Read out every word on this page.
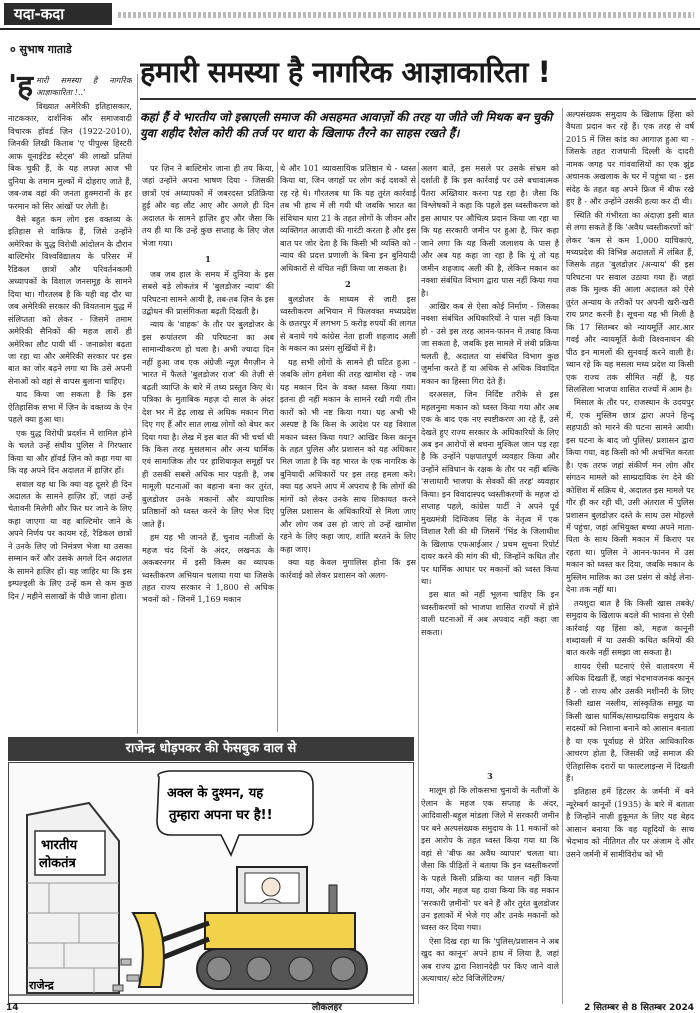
यदा-कदा
० सुभाष गाताडे
हमारी समस्या है नागरिक आज्ञाकारिता !

'ह मारी समस्या है नागरिक आज्ञाकारिता !..'

विख्यात अमेरिकी इतिहासकार, नाटककार, दार्शनिक और समाजवादी विचारक हॉवर्ड ज़िन (1922-2010), जिनकी लिखी किताब 'ए पीपुल्स हिस्टरी आफ यूनाईटेड स्टेट्स' की लाखों प्रतियां बिक चुकी हैं, के यह लफ़्ज़ आज भी दुनिया के तमाम मुल्कों में दोहराए जाते हैं, जब-जब वहां की जनता हुक्मरानों के हर फरमान को सिर आंखों पर लेती है।

वैसे बहुत कम लोग इस वक्तव्य के इतिहास से वाकिफ हैं, जिसे उन्होंने अमेरिका के युद्ध विरोधी आंदोलन के दौरान बाल्टिमोर विश्वविद्यालय के परिसर में रैडिकल छात्रों और परिवर्तनकामी अध्यापकों के विशाल जनसमूह के सामने दिया था। गौरतलब है कि यही वह दौर था जब अमेरिकी सरकार की वियतनाम युद्ध में संलिप्तता को लेकर - जिसमें तमाम अमेरिकी सैनिकों की महज लाशें ही अमेरिका लौट पायी थीं - जनाक्रोश बढ़ता जा रहा था और अमेरिकी सरकार पर इस बात का जोर बढ़ने लगा था कि उसे अपनी सेनाओं को वहां से वापस बुलाना चाहिए।

याद किया जा सकता है कि इस ऐतिहासिक सभा में ज़िन के वक्तव्य के ऐन पहले क्या हुआ था।

एक युद्ध विरोधी प्रदर्शन में शामिल होने के चलते उन्हें संघीय पुलिस ने गिरफ्तार किया था और हॉवर्ड ज़िन को कहा गया था कि वह अपने दिन अदालत में हाज़िर हों।

सवाल यह था कि क्या वह दूसरे ही दिन अदालत के सामने हाज़िर हों, जहां उन्हें चेतावनी मिलेगी और फिर घर जाने के लिए कहा जाएगा या वह बाल्टिमोर जाने के अपने निर्णय पर कायम रहें, रैडिकल छात्रों ने उनके लिए जो निमंत्रण भेजा था उसका सम्मान करें और उसके अगले दिन अदालत के सामने हाज़िर हों। यह जाहिर था कि इस इम्पल्ड्ली के लिए उन्हें कम से कम कुछ दिन / महीने सलाखों के पीछे जाना होता।

कहां हैं वे भारतीय जो इस्राएली समाज की असहमत आवाज़ों की तरह या जीते जी मिथक बन चुकी युवा शहीद रैशेल कोरी की तर्ज पर धारा के खिलाफ तैरने का साहस रखते हैं।

पर ज़िन ने बाल्टिमोर जाना ही तय किया, जहां उन्होंने अपना भाषण दिया - जिसकी छात्रों एवं अध्यापकों में जबरदस्त प्रतिक्रिया हुई और वह लौट आए और अगले ही दिन अदालत के सामने हाज़िर हुए और जैसा कि तय ही था कि उन्हें कुछ सप्ताह के लिए जेल भेजा गया।

1

जब जब हाल के समय में दुनिया के इस सबसे बड़े लोकतंत्र में 'बुलडोजर न्याय' की परिघटना सामने आयी है, तब-तब ज़िन के इस उद्बोधन की प्रासंगिकता बढ़ती दिखती है।

न्याय के 'वाहक' के तौर पर बुलडोजर के इस रूपांतरण की परिघटना का अब सामान्यीकरण हो चला है। अभी ज्यादा दिन नहीं हुआ जब एक अंग्रेजी न्यूज़ मैगज़ीन ने भारत में फैलते 'बुलडोजर राज' की तेज़ी से बढ़ती व्याप्ति के बारे में तथ्य प्रस्तुत किए थे। पत्रिका के मुताबिक महज़ दो साल के अंदर देश भर में डेढ़ लाख से अधिक मकान गिरा दिए गए हैं और सात लाख लोगों को बेघर कर दिया गया है। लेख में इस बात की भी चर्चा थी कि किस तरह मुसलमान और अन्य धार्मिक एवं सामाजिक तौर पर हाशियाकृत समूहों पर ही उसकी सबसे अधिक मार पड़ती है, जब मामूली घटनाओं का बहाना बना कर तुरंत, बुलडोजर उनके मकानों और व्यापारिक प्रतिष्ठानों को ध्वस्त करने के लिए भेज दिए जाते हैं।

हम यह भी जानते हैं, चुनाव नतीजों के महज चंद दिनों के अंदर, लखनऊ के अकबरनगर में इसी किस्म का व्यापक ध्वस्तीकरण अभियान चलाया गया था जिसके तहत राज्य सरकार ने 1,800 से अधिक भवनों को - जिनमें 1,169 मकान

थे और 101 व्यावसायिक प्रतिष्ठान थे - ध्वस्त किया था, जिन जगहों पर लोग कई दशकों से रह रहे थे। गौरतलब था कि यह तुरंत कार्रवाई तब भी हाथ में ली गयी थी जबकि भारत का संविधान धारा 21 के तहत लोगों के जीवन और व्यक्तिगत आज़ादी की गारंटी करता है और इस बात पर जोर देता है कि किसी भी व्यक्ति को - न्याय की प्रदत्त प्रणाली के बिना इन बुनियादी अधिकारों से वंचित नहीं किया जा सकता है।

2

बुलडोजर के माध्यम से जारी इस ध्वस्तीकरण अभियान में फिलवक्त मध्यप्रदेश के छतरपुर में लगभग 5 करोड़ रुपयों की लागत से बनाये गये कांग्रेस नेता हाजी शहजाद अली के मकान का प्रसंग सुर्खियों में है।

यह सभी लोगों के सामने ही घटित हुआ - जबकि लोग हमेशा की तरह खामोश रहे - जब यह मकान दिन के वक्त ध्वस्त किया गया। इतना ही नहीं मकान के सामने रखी गयी तीन कारों को भी नष्ट किया गया। यह अभी भी अस्पष्ट है कि किस के आदेश पर यह विशाल मकान ध्वस्त किया गया? आखिर किस कानून के तहत पुलिस और प्रशासन को यह अधिकार मिल जाता है कि वह भारत के एक नागरिक के बुनियादी अधिकारों पर इस तरह हमला करे। क्या यह अपने आप में अपराध है कि लोगों की मांगों को लेकर उनके साथ शिकायत करने पुलिस प्रशासन के अधिकारियों से मिला जाए और लोग जब उस हो जाएं तो उन्हें खामोश रहने के लिए कहा जाए, शांति बरतने के लिए कहा जाए।

क्या यह केवल मुगालिस होना कि इस कार्रवाई को लेकर प्रशासन को अलग-

अलग बातें, इस मसले पर उसके संभ्रम को दर्शाती हैं कि इस कार्रवाई पर उसे बचावात्मक पैंतरा अख्तियार करना पड़ रहा है। जैसा कि विश्लेषकों ने कहा कि पहले इस ध्वस्तीकरण को इस आधार पर औचित्य प्रदान किया जा रहा था कि यह सरकारी जमीन पर हुआ है, फिर कहा जाने लगा कि यह किसी जलाशय के पास है और अब यह कहा जा रहा है कि यूं तो यह जमीन शहजाद अली की है, लेकिन मकान का नक्शा संबंधित विभाग द्वारा पास नहीं किया गया है।

आखिर कब से ऐसा कोई निर्माण - जिसका नक्शा संबंधित अधिकारियों ने पास नहीं किया हो - उसे इस तरह आनन-फानन में तबाह किया जा सकता है, जबकि इस मामले में लंबी प्रक्रिया चलती है, अदालत या संबंधित विभाग कुछ जुर्माना करते हैं या अधिक से अधिक विवादित मकान का हिस्सा गिरा देते हैं।

दरअसल, जिन निर्दिष्ट तरीके से इस महलनुमा मकान को ध्वस्त किया गया और अब एक के बाद एक नए स्पष्टीकरण आ रहे हैं, उसे देखते हुए राज्य सरकार के अधिकारियों के लिए अब इन आरोपों से बचना मुश्किल जान पड़ रहा है कि उन्होंने पक्षपातपूर्ण व्यवहार किया और उन्होंने संविधान के रक्षक के तौर पर नहीं बल्कि 'सत्ताधारी भाजपा के सेवकों की तरह' व्यवहार किया। इन विवादास्पद ध्वस्तीकरणों के महज दो सप्ताह पहले, कांग्रेस पार्टी ने अपने पूर्व मुख्यमंत्री दिग्विजय सिंह के नेतृत्व में एक विशाल रैली की थी जिसमें 'भिंड के जिलाधीश के खिलाफ एफआईआर / प्रथम सूचना रिपोर्ट दायर करने की मांग की थी, जिन्होंने कथित तौर पर धार्मिक आधार पर मकानों को ध्वस्त किया था।

इस बात को नहीं भूलना चाहिए कि इन ध्वस्तीकरणों को भाजपा शासित राज्यों में होने वाली घटनाओं में अब अपवाद नहीं कहा जा सकता।

3

मालूम हो कि लोकसभा चुनावों के नतीजों के ऐलान के महज एक सप्ताह के अंदर, आदिवासी-बहुल मांडला जिले में सरकारी जमीन पर बने अल्पसंख्यक समुदाय के 11 मकानों को इस आरोप के तहत ध्वस्त किया गया था कि वहां से 'बीफ का अवैध व्यापार' चलता था। जैसा कि पीड़ितों ने बताया कि इन ध्वस्तीकरणों के पहले किसी प्रक्रिया का पालन नहीं किया गया, और महज यह दावा किया कि वह मकान 'सरकारी ज़मीनों' पर बने हैं और तुरंत बुलडोजर उन इलाकों में भेजे गए और उनके मकानों को ध्वस्त कर दिया गया।

ऐसा दिख रहा था कि 'पुलिस/प्रशासन ने अब खुद का कानून' अपने हाथ में लिया है, जहां अब राज्य द्वारा निशानदेही पर किए जाने वाले अत्याचार/ स्टेट विजिलेंटिज्म/

अल्पसंख्यक समुदाय के खिलाफ हिंसा को वैधता प्रदान कर रहे हैं। एक तरह से वर्ष 2015 में जिस कांड का आगाज़ हुआ था - जिसके तहत राजधानी दिल्ली के दादरी नामक जगह पर गांववासियों का एक झुंड अचानक अखलाक के घर में पहुंचा था - इस संदेह के तहत वह अपने फ्रिज में बीफ रखे हुए है - और उन्होंने उसकी हत्या कर दी थी।

स्थिति की गंभीरता का अंदाज़ा इसी बात से लगा सकते हैं कि 'अवैध ध्वस्तीकरणों को' लेकर 'कम से कम 1,000 याचिकाएं, मध्यप्रदेश की विभिन्न अदालतों में लंबित हैं, जिसके तहत 'बुलडोज़र /अन्याय' की इस परिघटना पर सवाल उठाया गया है। जहां तक कि मुल्क की आला अदालत को ऐसे तुरंत अन्याय के तरीकों पर अपनी खरी-खरी राय प्रगट करनी है। सूचना यह भी मिली है कि 17 सितम्बर को न्यायमूर्ति आर.आर गवई और न्यायमूर्ति केवी विश्वनाथन की पीठ इन मामलों की सुनवाई करने वाली है। ध्यान रहे कि यह मसला मध्य प्रदेश या किसी एक राज्य तक सीमित नहीं है, यह सिलसिला भाजपा शासित राज्यों में आम है।

मिसाल के तौर पर, राजस्थान के उदयपुर में, एक मुस्लिम छात्र द्वारा अपने हिन्दू सहपाठी को मारने की घटना सामने आयी। इस घटना के बाद जो पुलिस/ प्रशासन द्वारा किया गया, वह किसी को भी अचंभित करता है। एक तरफ जहां संकीर्ण मन लोग और संगठन मामले को साम्प्रदायिक रंग देने की कोशिश में सक्रिय थे, अदालत इस मामले पर गौर ही कर रही थी, उसी अंतराल में पुलिस प्रशासन बुलडोज़र दस्ते के साथ उस मोहल्ले में पहुंचा, जहां अभियुक्त बच्चा अपने माता-पिता के साथ किसी मकान में किराए पर रहता था। पुलिस ने आनन-फानन में उस मकान को ध्वस्त कर दिया, जबकि मकान के मुस्लिम मालिक का उस प्रसंग से कोई लेना-देना तक नहीं था।

तयशुदा बात है कि किसी खास तबके/ समुदाय के खिलाफ बदले की भावना से ऐसी कार्रवाई यह हिंसा को, महज कानूनी शब्दावली में या उसकी कथित कमियों की बात करके नहीं समझा जा सकता है।

शायद ऐसी घटनाएं ऐसे वातावरण में अधिक दिखती हैं, जहां भेदभावजनक कानून हैं - जो राज्य और उसकी मशीनरी के लिए किसी खास नस्लीय, सांस्कृतिक समूह या किसी खास धार्मिक/साम्प्रदायिक समुदाय के सदस्यों को निशाना बनाने को आसान बनाता है या एक पूर्वाग्रह से प्रेरित आधिकारिक आचरण होता है, जिसकी जड़ें समाज की ऐतिहासिक दरारों या फाल्टलाइन्स में दिखती हैं।

इतिहास हमें हिटलर के जर्मनी में बने न्यूरेम्बर्ग कानूनों (1935) के बारे में बताता है जिन्होंने नाज़ी हुकूमत के लिए यह बेहद आसान बनाया कि वह यहूदियों के साथ भेदभाव को नीतिगत तौर पर अंजाम दे और उसने जर्मनी में सामीविरोध को भी

राजेन्द्र धोड़पकर की फेसबुक वाल से
भारतीय
लोकतंत्र
अक्ल के दुश्मन, यह
तुम्हारा अपना घर है!!
राजेन्द्र
14	लोकलहर	2 सितम्बर से 8 सितम्बर 2024
